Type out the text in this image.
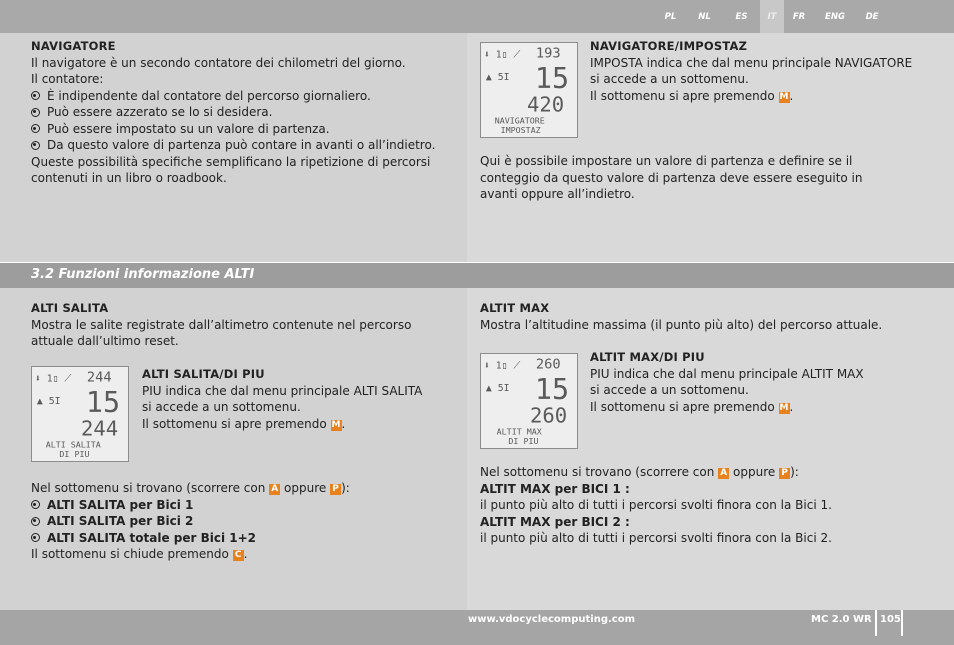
PL	NL	ES	IT	FR	ENG	DE
NAVIGATORE
Il navigatore è un secondo contatore dei chilometri del giorno.
Il contatore:
È indipendente dal contatore del percorso giornaliero.
Può essere azzerato se lo si desidera.
Può essere impostato su un valore di partenza.
Da questo valore di partenza può contare in avanti o all’indietro.
Queste possibilità specifiche semplificano la ripetizione di percorsi contenuti in un libro o roadbook.
⬇ 1▯ ⟋ 193
▲ 5I 15
420
NAVIGATORE
IMPOSTAZ
NAVIGATORE/IMPOSTAZ
IMPOSTA indica che dal menu principale NAVIGATORE
si accede a un sottomenu.
Il sottomenu si apre premendo M.
Qui è possibile impostare un valore di partenza e definire se il conteggio da questo valore di partenza deve essere eseguito in avanti oppure all’indietro.
3.2 Funzioni informazione ALTI
ALTI SALITA
Mostra le salite registrate dall’altimetro contenute nel percorso attuale dall’ultimo reset.
⬇ 1▯ ⟋ 244
▲ 5I 15
244
ALTI SALITA
DI PIU
ALTI SALITA/DI PIU
PIU indica che dal menu principale ALTI SALITA
si accede a un sottomenu.
Il sottomenu si apre premendo M.
Nel sottomenu si trovano (scorrere con A oppure P ):
ALTI SALITA per Bici 1
ALTI SALITA per Bici 2
ALTI SALITA totale per Bici 1+2
Il sottomenu si chiude premendo C .
ALTIT MAX
Mostra l’altitudine massima (il punto più alto) del percorso attuale.
⬇ 1▯ ⟋ 260
▲ 5I 15
260
ALTIT MAX
DI PIU
ALTIT MAX/DI PIU
PIU indica che dal menu principale ALTIT MAX
si accede a un sottomenu.
Il sottomenu si apre premendo M.
Nel sottomenu si trovano (scorrere con A oppure P ):
ALTIT MAX per BICI 1 :
il punto più alto di tutti i percorsi svolti finora con la Bici 1.
ALTIT MAX per BICI 2 :
il punto più alto di tutti i percorsi svolti finora con la Bici 2.
www.vdocyclecomputing.com	MC 2.0 WR 105
